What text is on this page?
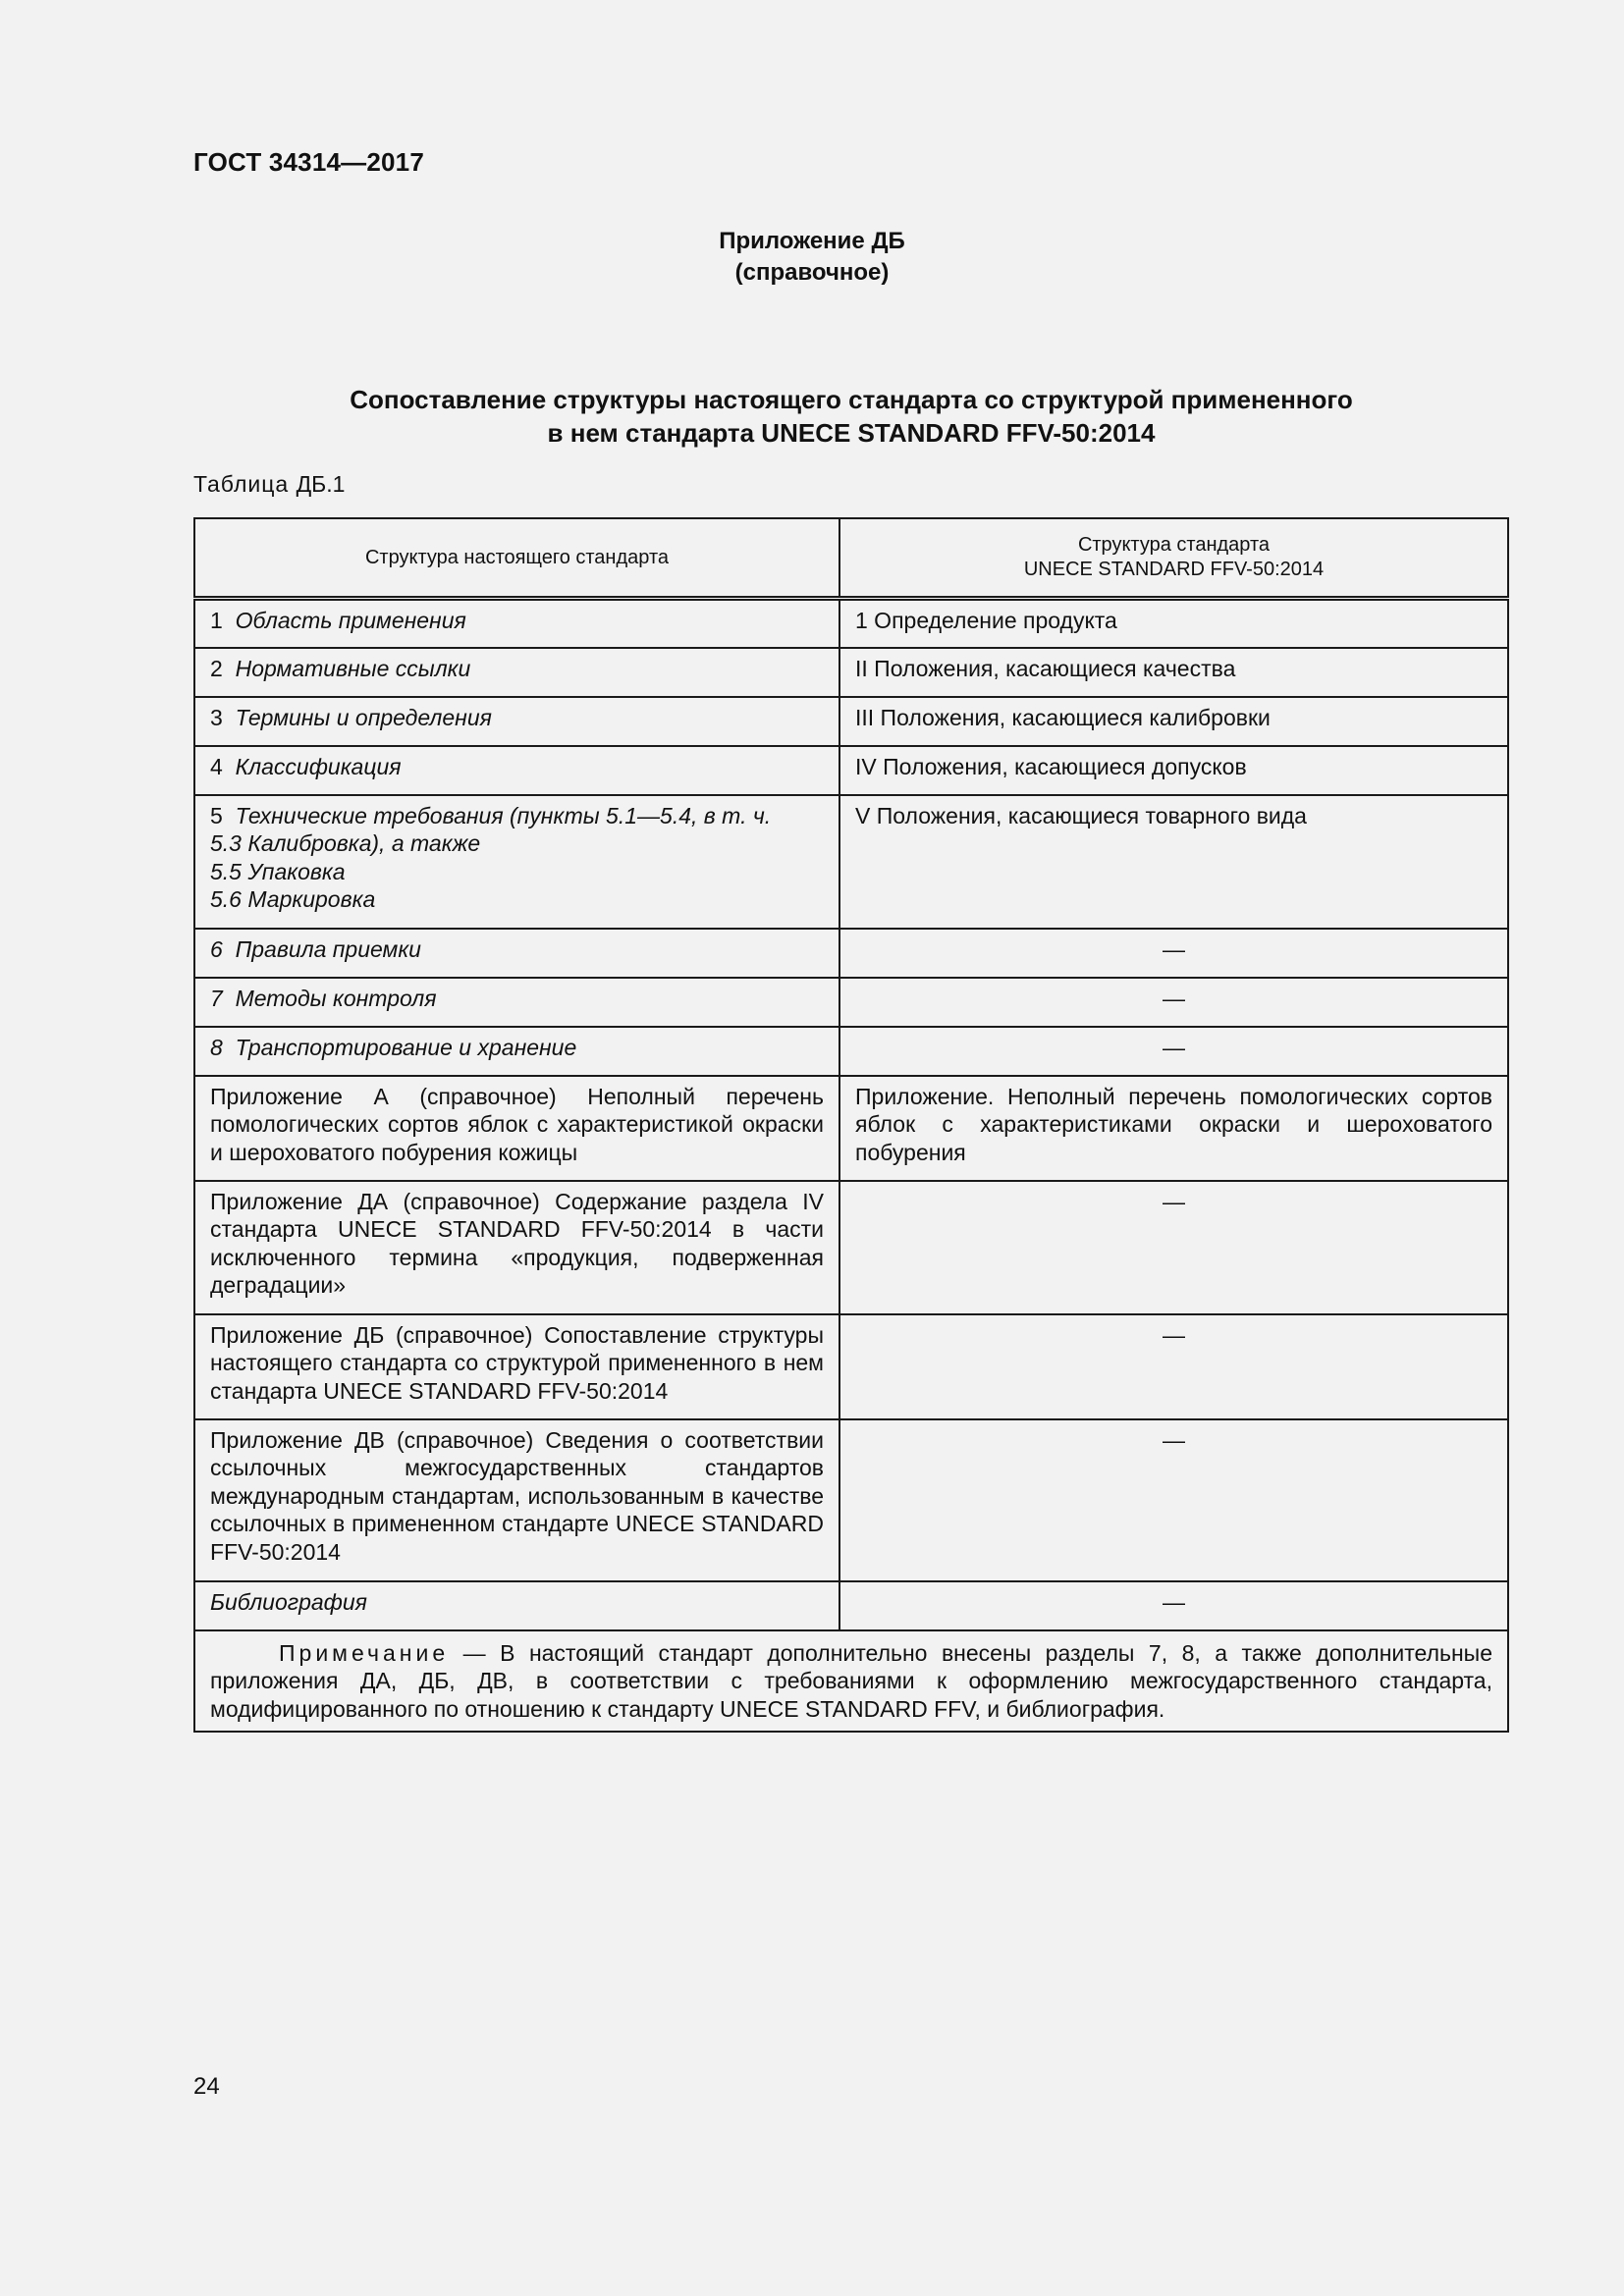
ГОСТ 34314—2017
Приложение ДБ
(справочное)
Сопоставление структуры настоящего стандарта со структурой примененного
в нем стандарта UNECE STANDARD FFV-50:2014
Таблица ДБ.1
Структура настоящего стандарта	Структура стандарта
UNECE STANDARD FFV-50:2014

1 Область применения	1 Определение продукта
2 Нормативные ссылки	II Положения, касающиеся качества
3 Термины и определения	III Положения, касающиеся калибровки
4 Классификация	IV Положения, касающиеся допусков

5 Технические требования (пункты 5.1—5.4, в т. ч.
5.3 Калибровка), а также
5.5 Упаковка
5.6 Маркировка	V Положения, касающиеся товарного вида
6 Правила приемки	—
7 Методы контроля	—
8 Транспортирование и хранение	—
Приложение А (справочное) Неполный перечень помологических сортов яблок с характеристикой окраски и шероховатого побурения кожицы	Приложение. Неполный перечень помологических сортов яблок с характеристиками окраски и шероховатого побурения
Приложение ДА (справочное) Содержание раздела IV стандарта UNECE STANDARD FFV-50:2014 в части исключенного термина «продукция, подверженная деградации»	—
Приложение ДБ (справочное) Сопоставление структуры настоящего стандарта со структурой примененного в нем стандарта UNECE STANDARD FFV-50:2014	—
Приложение ДВ (справочное) Сведения о соответствии ссылочных межгосударственных стандартов международным стандартам, использованным в качестве ссылочных в примененном стандарте UNECE STANDARD FFV-50:2014	—
Библиография	—
Примечание — В настоящий стандарт дополнительно внесены разделы 7, 8, а также дополнительные приложения ДА, ДБ, ДВ, в соответствии с требованиями к оформлению межгосударственного стандарта, модифицированного по отношению к стандарту UNECE STANDARD FFV, и библиография.	
24
